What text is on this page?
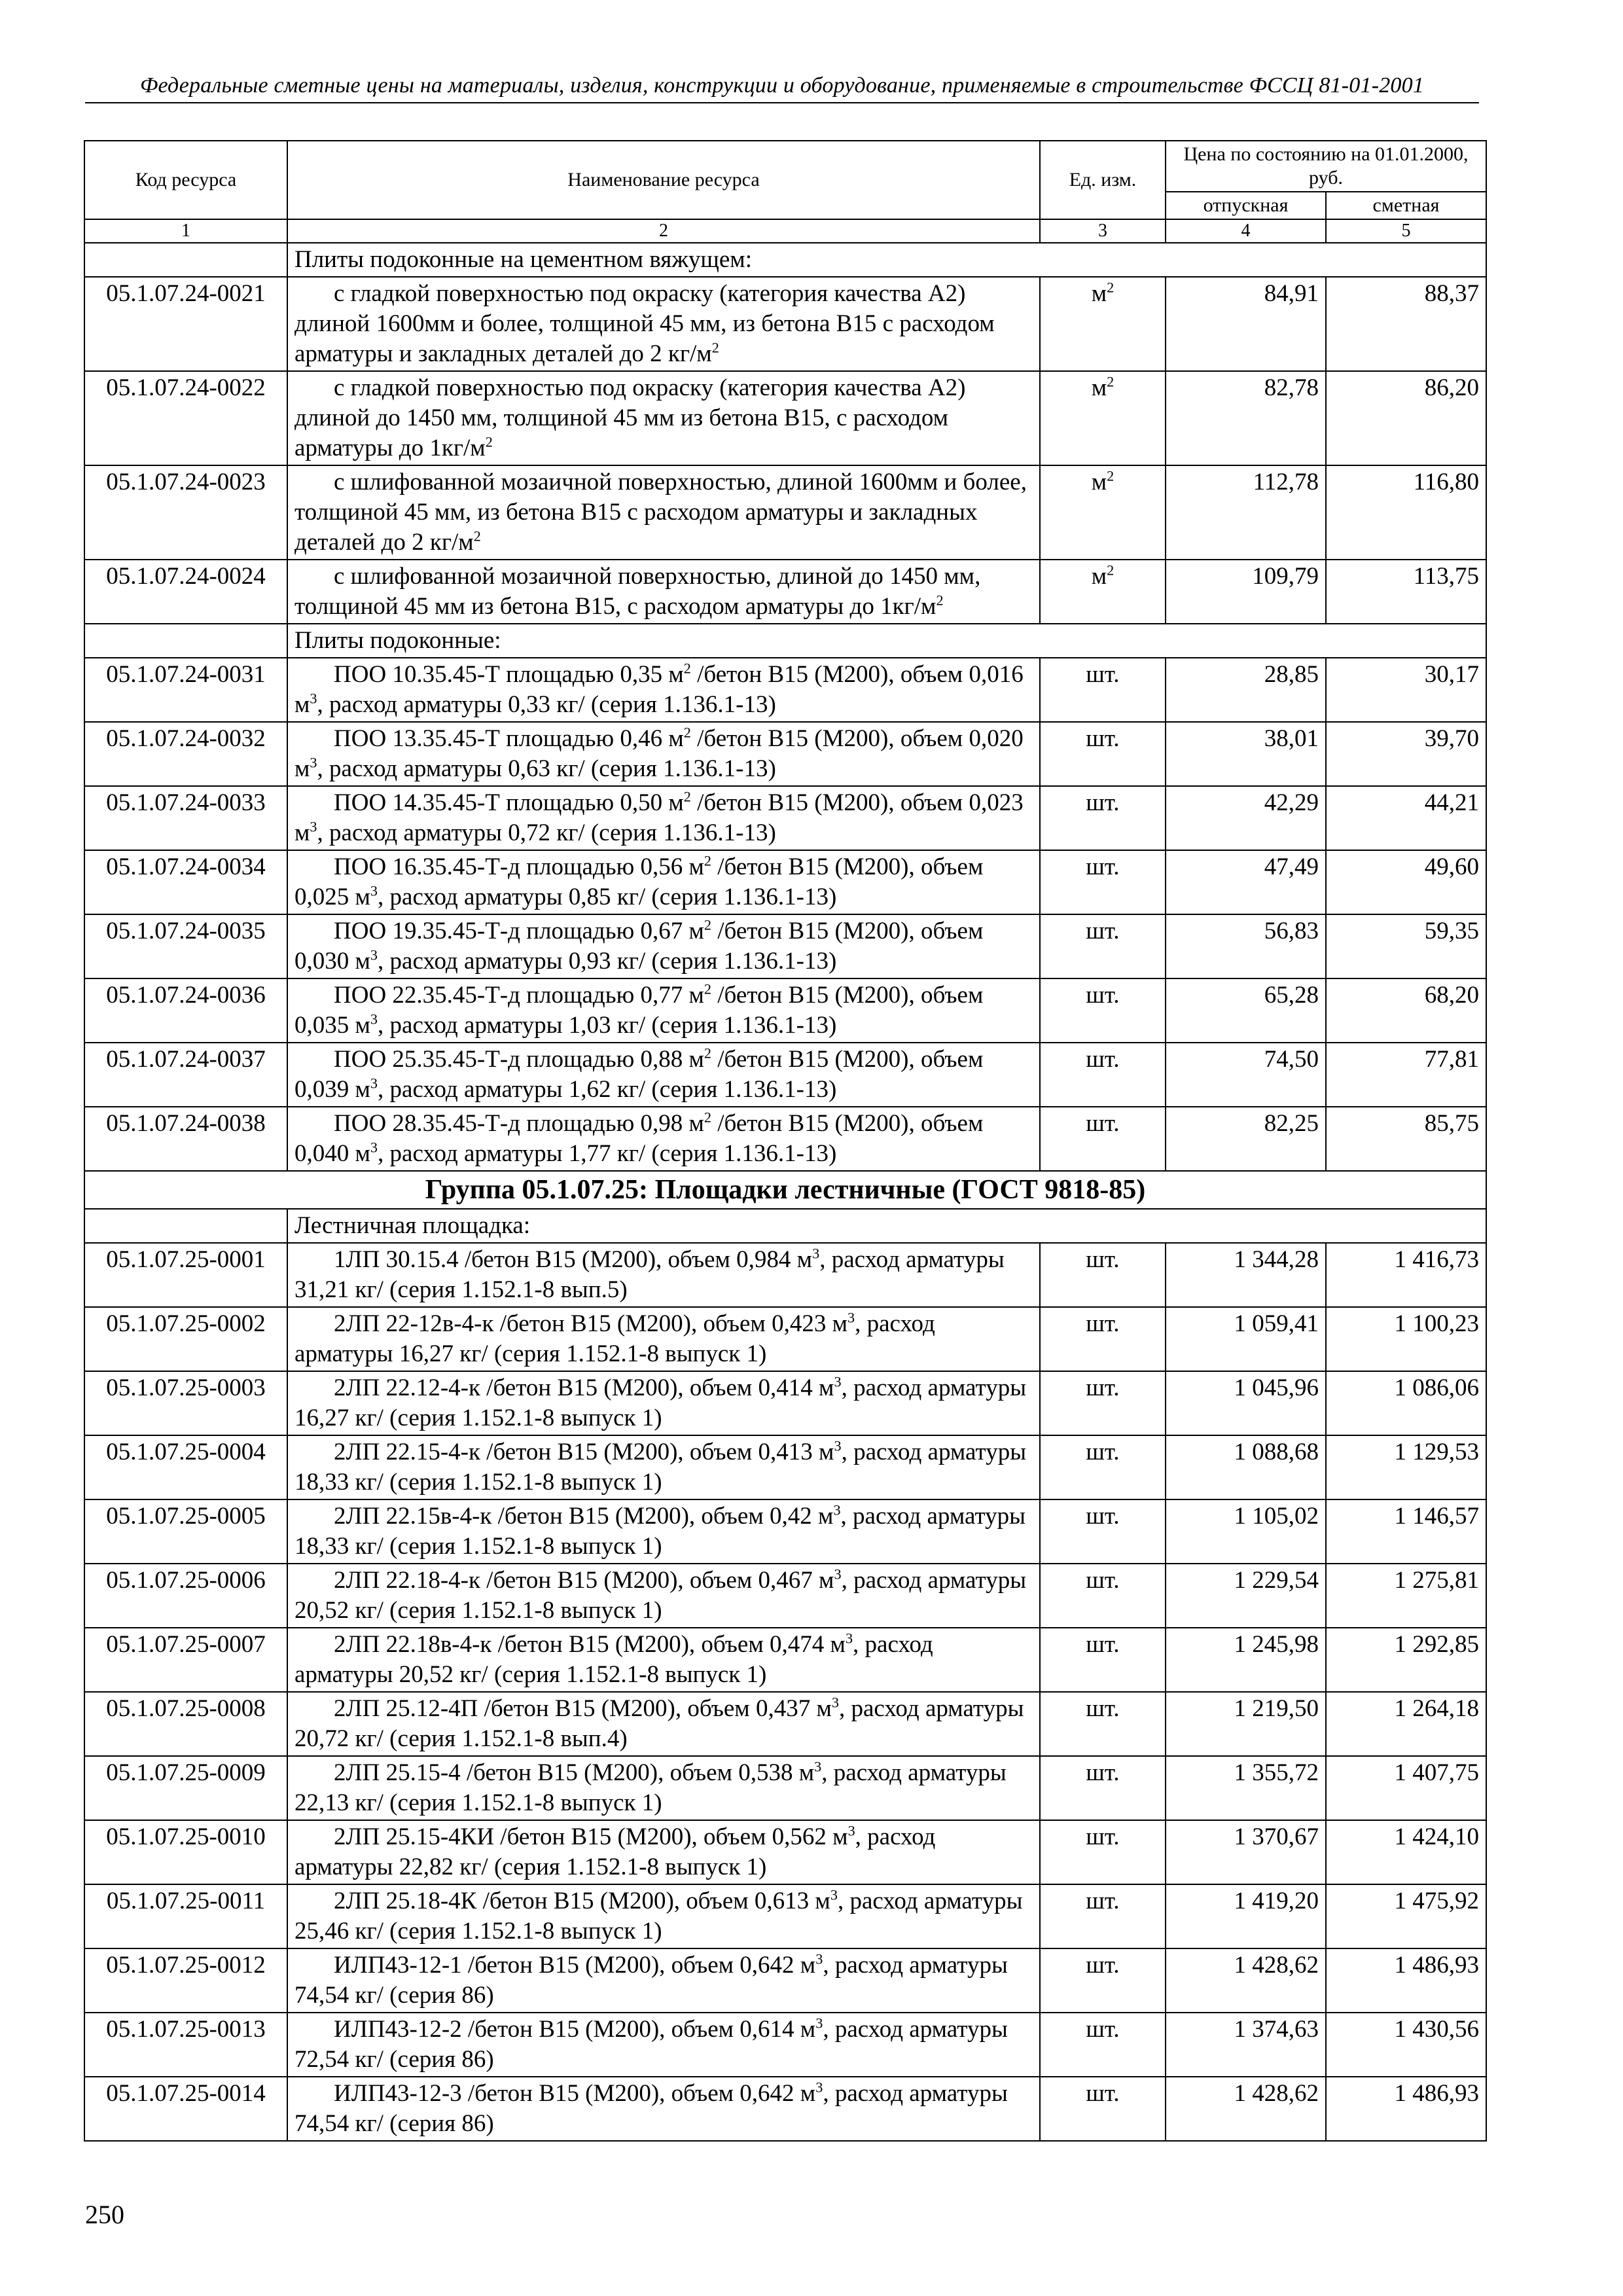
Федеральные сметные цены на материалы, изделия, конструкции и оборудование, применяемые в строительстве ФССЦ 81-01-2001
Код ресурса	Наименование ресурса	Ед. изм.	Цена по состоянию на 01.01.2000, руб.	
			отпускная	сметная
1	2	3	4	5
	Плиты подоконные на цементном вяжущем:			
05.1.07.24-0021	с гладкой поверхностью под окраску (категория качества А2) длиной 1600мм и более, толщиной 45 мм, из бетона В15 с расходом арматуры и закладных деталей до 2 $кг/м^2$	$м^2$	84,91	88,37
05.1.07.24-0022	с гладкой поверхностью под окраску (категория качества А2) длиной до 1450 мм, толщиной 45 мм из бетона В15, с расходом арматуры до $1кг/м^2$	$м^2$	82,78	86,20
05.1.07.24-0023	с шлифованной мозаичной поверхностью, длиной 1600мм и более, толщиной 45 мм, из бетона В15 с расходом арматуры и закладных деталей до 2 $кг/м^2$	$м^2$	112,78	116,80
05.1.07.24-0024	с шлифованной мозаичной поверхностью, длиной до 1450 мм, толщиной 45 мм из бетона В15, с расходом арматуры до $1кг/м^2$	$м^2$	109,79	113,75
	Плиты подоконные:			
05.1.07.24-0031	ПОО 10.35.45-Т площадью 0,35 $м^2$ /бетон В15 (М200), объем 0,016 $м^3$, расход арматуры 0,33 кг/ (серия 1.136.1-13)	шт.	28,85	30,17
05.1.07.24-0032	ПОО 13.35.45-Т площадью 0,46 $м^2$ /бетон В15 (М200), объем 0,020 $м^3$, расход арматуры 0,63 кг/ (серия 1.136.1-13)	шт.	38,01	39,70
05.1.07.24-0033	ПОО 14.35.45-Т площадью 0,50 $м^2$ /бетон В15 (М200), объем 0,023 $м^3$, расход арматуры 0,72 кг/ (серия 1.136.1-13)	шт.	42,29	44,21
05.1.07.24-0034	ПОО 16.35.45-Т-д площадью 0,56 $м^2$ /бетон В15 (М200), объем 0,025 $м^3$, расход арматуры 0,85 кг/ (серия 1.136.1-13)	шт.	47,49	49,60
05.1.07.24-0035	ПОО 19.35.45-Т-д площадью 0,67 $м^2$ /бетон В15 (М200), объем 0,030 $м^3$, расход арматуры 0,93 кг/ (серия 1.136.1-13)	шт.	56,83	59,35
05.1.07.24-0036	ПОО 22.35.45-Т-д площадью 0,77 $м^2$ /бетон В15 (М200), объем 0,035 $м^3$, расход арматуры 1,03 кг/ (серия 1.136.1-13)	шт.	65,28	68,20
05.1.07.24-0037	ПОО 25.35.45-Т-д площадью 0,88 $м^2$ /бетон В15 (М200), объем 0,039 $м^3$, расход арматуры 1,62 кг/ (серия 1.136.1-13)	шт.	74,50	77,81
05.1.07.24-0038	ПОО 28.35.45-Т-д площадью 0,98 $м^2$ /бетон В15 (М200), объем 0,040 $м^3$, расход арматуры 1,77 кг/ (серия 1.136.1-13)	шт.	82,25	85,75
Группа 05.1.07.25: Площадки лестничные (ГОСТ 9818-85)				
	Лестничная площадка:			
05.1.07.25-0001	1ЛП 30.15.4 /бетон В15 (М200), объем 0,984 $м^3$, расход арматуры 31,21 кг/ (серия 1.152.1-8 вып.5)	шт.	1 344,28	1 416,73
05.1.07.25-0002	2ЛП 22-12в-4-к /бетон В15 (М200), объем 0,423 $м^3$, расход арматуры 16,27 кг/ (серия 1.152.1-8 выпуск 1)	шт.	1 059,41	1 100,23
05.1.07.25-0003	2ЛП 22.12-4-к /бетон В15 (М200), объем 0,414 $м^3$, расход арматуры 16,27 кг/ (серия 1.152.1-8 выпуск 1)	шт.	1 045,96	1 086,06
05.1.07.25-0004	2ЛП 22.15-4-к /бетон В15 (М200), объем 0,413 $м^3$, расход арматуры 18,33 кг/ (серия 1.152.1-8 выпуск 1)	шт.	1 088,68	1 129,53
05.1.07.25-0005	2ЛП 22.15в-4-к /бетон В15 (М200), объем 0,42 $м^3$, расход арматуры 18,33 кг/ (серия 1.152.1-8 выпуск 1)	шт.	1 105,02	1 146,57
05.1.07.25-0006	2ЛП 22.18-4-к /бетон В15 (М200), объем 0,467 $м^3$, расход арматуры 20,52 кг/ (серия 1.152.1-8 выпуск 1)	шт.	1 229,54	1 275,81
05.1.07.25-0007	2ЛП 22.18в-4-к /бетон В15 (М200), объем 0,474 $м^3$, расход арматуры 20,52 кг/ (серия 1.152.1-8 выпуск 1)	шт.	1 245,98	1 292,85
05.1.07.25-0008	2ЛП 25.12-4П /бетон В15 (М200), объем 0,437 $м^3$, расход арматуры 20,72 кг/ (серия 1.152.1-8 вып.4)	шт.	1 219,50	1 264,18
05.1.07.25-0009	2ЛП 25.15-4 /бетон В15 (М200), объем 0,538 $м^3$, расход арматуры 22,13 кг/ (серия 1.152.1-8 выпуск 1)	шт.	1 355,72	1 407,75
05.1.07.25-0010	2ЛП 25.15-4КИ /бетон В15 (М200), объем 0,562 $м^3$, расход арматуры 22,82 кг/ (серия 1.152.1-8 выпуск 1)	шт.	1 370,67	1 424,10
05.1.07.25-0011	2ЛП 25.18-4К /бетон В15 (М200), объем 0,613 $м^3$, расход арматуры 25,46 кг/ (серия 1.152.1-8 выпуск 1)	шт.	1 419,20	1 475,92
05.1.07.25-0012	ИЛП43-12-1 /бетон В15 (М200), объем 0,642 $м^3$, расход арматуры 74,54 кг/ (серия 86)	шт.	1 428,62	1 486,93
05.1.07.25-0013	ИЛП43-12-2 /бетон В15 (М200), объем 0,614 $м^3$, расход арматуры 72,54 кг/ (серия 86)	шт.	1 374,63	1 430,56
05.1.07.25-0014	ИЛП43-12-3 /бетон В15 (М200), объем 0,642 $м^3$, расход арматуры 74,54 кг/ (серия 86)	шт.	1 428,62	1 486,93
250
